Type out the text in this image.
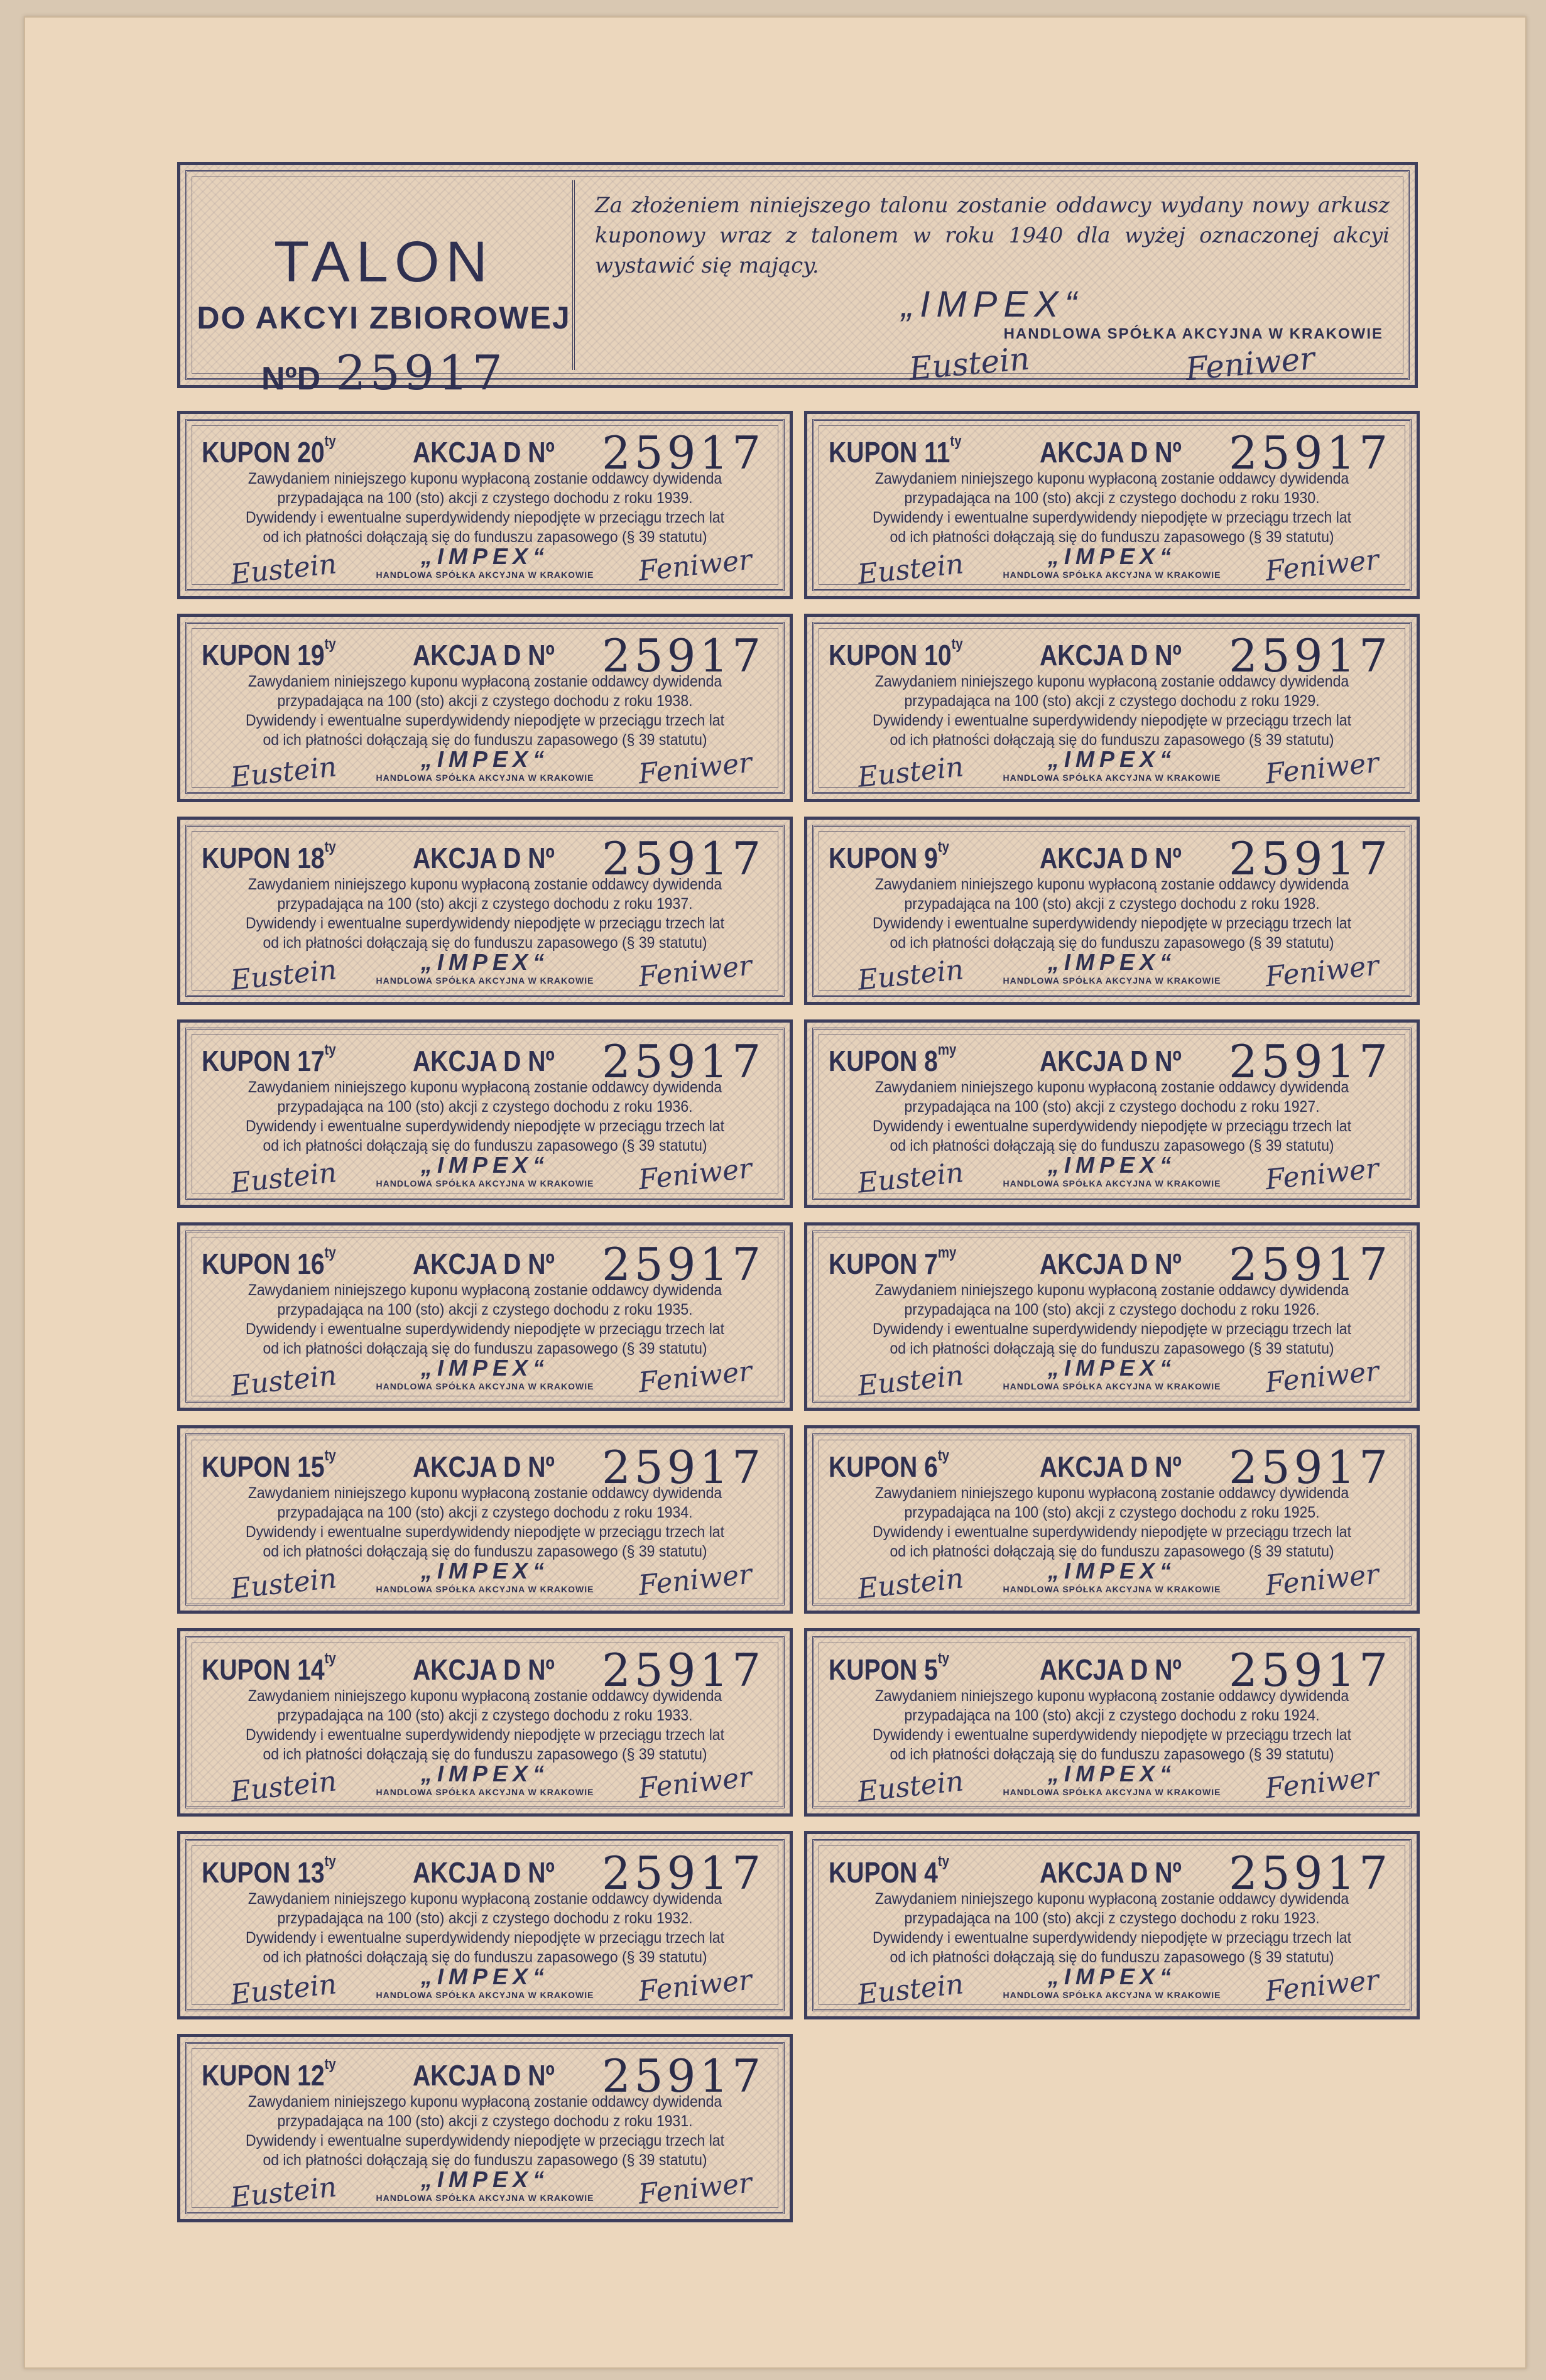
TALON
DO AKCYI ZBIOROWEJ
NºD 25917
Za złożeniem niniejszego talonu zostanie oddawcy wydany nowy arkusz kuponowy wraz z talonem w roku 1940 dla wyżej oznaczonej akcyi wystawić się mający.
„IMPEX“
HANDLOWA SPÓŁKA AKCYJNA W KRAKOWIE
Eustein	Feniwer
KUPON $20^{ty}$	AKCJA D Nº 25917
Zawydaniem niniejszego kuponu wypłaconą zostanie oddawcy dywidenda
przypadająca na 100 (sto) akcji z czystego dochodu z roku 1939.
Dywidendy i ewentualne superdywidendy niepodjęte w przeciągu trzech lat
od ich płatności dołączają się do funduszu zapasowego (§ 39 statutu)
„IMPEX“
HANDLOWA SPÓŁKA AKCYJNA W KRAKOWIE
Eustein	Feniwer
KUPON $19^{ty}$	AKCJA D Nº 25917
Zawydaniem niniejszego kuponu wypłaconą zostanie oddawcy dywidenda
przypadająca na 100 (sto) akcji z czystego dochodu z roku 1938.
Dywidendy i ewentualne superdywidendy niepodjęte w przeciągu trzech lat
od ich płatności dołączają się do funduszu zapasowego (§ 39 statutu)
„IMPEX“
HANDLOWA SPÓŁKA AKCYJNA W KRAKOWIE
Eustein	Feniwer
KUPON $18^{ty}$	AKCJA D Nº 25917
Zawydaniem niniejszego kuponu wypłaconą zostanie oddawcy dywidenda
przypadająca na 100 (sto) akcji z czystego dochodu z roku 1937.
Dywidendy i ewentualne superdywidendy niepodjęte w przeciągu trzech lat
od ich płatności dołączają się do funduszu zapasowego (§ 39 statutu)
„IMPEX“
HANDLOWA SPÓŁKA AKCYJNA W KRAKOWIE
Eustein	Feniwer
KUPON $17^{ty}$	AKCJA D Nº 25917
Zawydaniem niniejszego kuponu wypłaconą zostanie oddawcy dywidenda
przypadająca na 100 (sto) akcji z czystego dochodu z roku 1936.
Dywidendy i ewentualne superdywidendy niepodjęte w przeciągu trzech lat
od ich płatności dołączają się do funduszu zapasowego (§ 39 statutu)
„IMPEX“
HANDLOWA SPÓŁKA AKCYJNA W KRAKOWIE
Eustein	Feniwer
KUPON $16^{ty}$	AKCJA D Nº 25917
Zawydaniem niniejszego kuponu wypłaconą zostanie oddawcy dywidenda
przypadająca na 100 (sto) akcji z czystego dochodu z roku 1935.
Dywidendy i ewentualne superdywidendy niepodjęte w przeciągu trzech lat
od ich płatności dołączają się do funduszu zapasowego (§ 39 statutu)
„IMPEX“
HANDLOWA SPÓŁKA AKCYJNA W KRAKOWIE
Eustein	Feniwer
KUPON $15^{ty}$	AKCJA D Nº 25917
Zawydaniem niniejszego kuponu wypłaconą zostanie oddawcy dywidenda
przypadająca na 100 (sto) akcji z czystego dochodu z roku 1934.
Dywidendy i ewentualne superdywidendy niepodjęte w przeciągu trzech lat
od ich płatności dołączają się do funduszu zapasowego (§ 39 statutu)
„IMPEX“
HANDLOWA SPÓŁKA AKCYJNA W KRAKOWIE
Eustein	Feniwer
KUPON $14^{ty}$	AKCJA D Nº 25917
Zawydaniem niniejszego kuponu wypłaconą zostanie oddawcy dywidenda
przypadająca na 100 (sto) akcji z czystego dochodu z roku 1933.
Dywidendy i ewentualne superdywidendy niepodjęte w przeciągu trzech lat
od ich płatności dołączają się do funduszu zapasowego (§ 39 statutu)
„IMPEX“
HANDLOWA SPÓŁKA AKCYJNA W KRAKOWIE
Eustein	Feniwer
KUPON $13^{ty}$	AKCJA D Nº 25917
Zawydaniem niniejszego kuponu wypłaconą zostanie oddawcy dywidenda
przypadająca na 100 (sto) akcji z czystego dochodu z roku 1932.
Dywidendy i ewentualne superdywidendy niepodjęte w przeciągu trzech lat
od ich płatności dołączają się do funduszu zapasowego (§ 39 statutu)
„IMPEX“
HANDLOWA SPÓŁKA AKCYJNA W KRAKOWIE
Eustein	Feniwer
KUPON $12^{ty}$	AKCJA D Nº 25917
Zawydaniem niniejszego kuponu wypłaconą zostanie oddawcy dywidenda
przypadająca na 100 (sto) akcji z czystego dochodu z roku 1931.
Dywidendy i ewentualne superdywidendy niepodjęte w przeciągu trzech lat
od ich płatności dołączają się do funduszu zapasowego (§ 39 statutu)
„IMPEX“
HANDLOWA SPÓŁKA AKCYJNA W KRAKOWIE
Eustein	Feniwer
KUPON $11^{ty}$	AKCJA D Nº 25917
Zawydaniem niniejszego kuponu wypłaconą zostanie oddawcy dywidenda
przypadająca na 100 (sto) akcji z czystego dochodu z roku 1930.
Dywidendy i ewentualne superdywidendy niepodjęte w przeciągu trzech lat
od ich płatności dołączają się do funduszu zapasowego (§ 39 statutu)
„IMPEX“
HANDLOWA SPÓŁKA AKCYJNA W KRAKOWIE
Eustein	Feniwer
KUPON $10^{ty}$	AKCJA D Nº 25917
Zawydaniem niniejszego kuponu wypłaconą zostanie oddawcy dywidenda
przypadająca na 100 (sto) akcji z czystego dochodu z roku 1929.
Dywidendy i ewentualne superdywidendy niepodjęte w przeciągu trzech lat
od ich płatności dołączają się do funduszu zapasowego (§ 39 statutu)
„IMPEX“
HANDLOWA SPÓŁKA AKCYJNA W KRAKOWIE
Eustein	Feniwer
KUPON $9^{ty}$	AKCJA D Nº 25917
Zawydaniem niniejszego kuponu wypłaconą zostanie oddawcy dywidenda
przypadająca na 100 (sto) akcji z czystego dochodu z roku 1928.
Dywidendy i ewentualne superdywidendy niepodjęte w przeciągu trzech lat
od ich płatności dołączają się do funduszu zapasowego (§ 39 statutu)
„IMPEX“
HANDLOWA SPÓŁKA AKCYJNA W KRAKOWIE
Eustein	Feniwer
KUPON $8^{my}$	AKCJA D Nº 25917
Zawydaniem niniejszego kuponu wypłaconą zostanie oddawcy dywidenda
przypadająca na 100 (sto) akcji z czystego dochodu z roku 1927.
Dywidendy i ewentualne superdywidendy niepodjęte w przeciągu trzech lat
od ich płatności dołączają się do funduszu zapasowego (§ 39 statutu)
„IMPEX“
HANDLOWA SPÓŁKA AKCYJNA W KRAKOWIE
Eustein	Feniwer
KUPON $7^{my}$	AKCJA D Nº 25917
Zawydaniem niniejszego kuponu wypłaconą zostanie oddawcy dywidenda
przypadająca na 100 (sto) akcji z czystego dochodu z roku 1926.
Dywidendy i ewentualne superdywidendy niepodjęte w przeciągu trzech lat
od ich płatności dołączają się do funduszu zapasowego (§ 39 statutu)
„IMPEX“
HANDLOWA SPÓŁKA AKCYJNA W KRAKOWIE
Eustein	Feniwer
KUPON $6^{ty}$	AKCJA D Nº 25917
Zawydaniem niniejszego kuponu wypłaconą zostanie oddawcy dywidenda
przypadająca na 100 (sto) akcji z czystego dochodu z roku 1925.
Dywidendy i ewentualne superdywidendy niepodjęte w przeciągu trzech lat
od ich płatności dołączają się do funduszu zapasowego (§ 39 statutu)
„IMPEX“
HANDLOWA SPÓŁKA AKCYJNA W KRAKOWIE
Eustein	Feniwer
KUPON $5^{ty}$	AKCJA D Nº 25917
Zawydaniem niniejszego kuponu wypłaconą zostanie oddawcy dywidenda
przypadająca na 100 (sto) akcji z czystego dochodu z roku 1924.
Dywidendy i ewentualne superdywidendy niepodjęte w przeciągu trzech lat
od ich płatności dołączają się do funduszu zapasowego (§ 39 statutu)
„IMPEX“
HANDLOWA SPÓŁKA AKCYJNA W KRAKOWIE
Eustein	Feniwer
KUPON $4^{ty}$	AKCJA D Nº 25917
Zawydaniem niniejszego kuponu wypłaconą zostanie oddawcy dywidenda
przypadająca na 100 (sto) akcji z czystego dochodu z roku 1923.
Dywidendy i ewentualne superdywidendy niepodjęte w przeciągu trzech lat
od ich płatności dołączają się do funduszu zapasowego (§ 39 statutu)
„IMPEX“
HANDLOWA SPÓŁKA AKCYJNA W KRAKOWIE
Eustein	Feniwer
